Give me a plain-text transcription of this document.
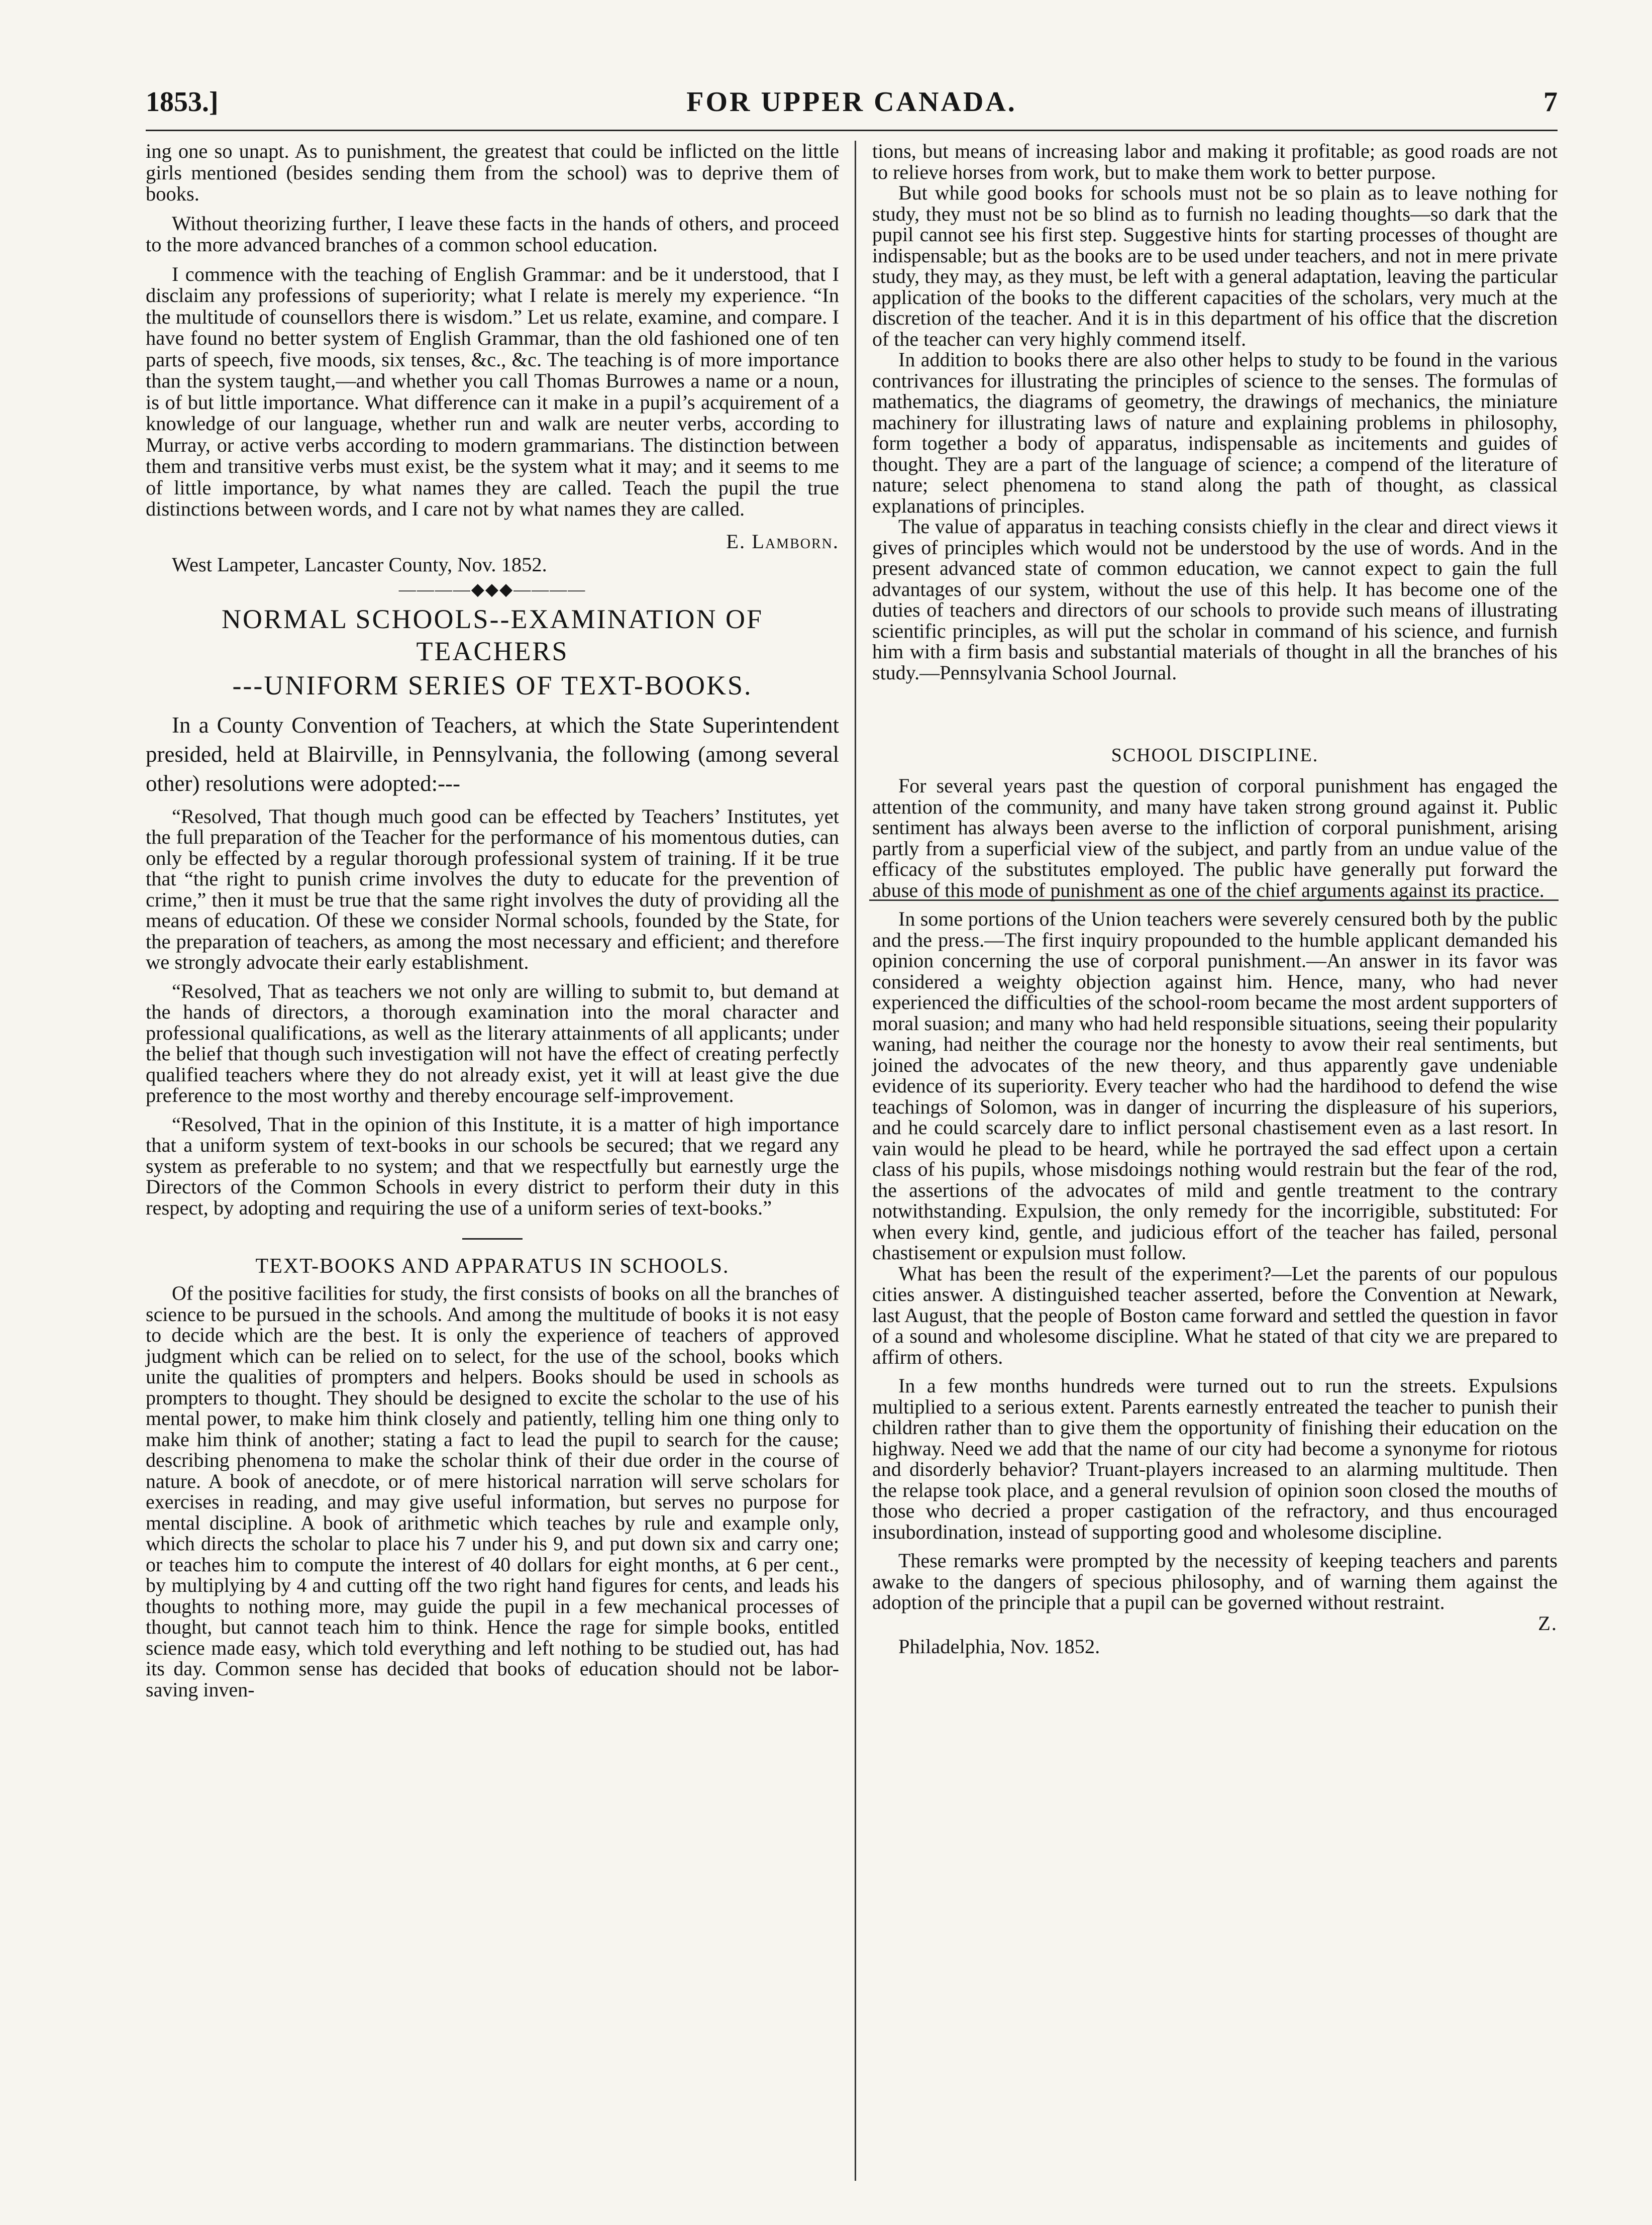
1853.]	FOR UPPER CANADA.	7

ing one so unapt. As to punishment, the greatest that could be inflicted on the little girls mentioned (besides sending them from the school) was to deprive them of books.

Without theorizing further, I leave these facts in the hands of others, and proceed to the more advanced branches of a common school education.

I commence with the teaching of English Grammar: and be it understood, that I disclaim any professions of superiority; what I relate is merely my experience. “In the multitude of counsellors there is wisdom.” Let us relate, examine, and compare. I have found no better system of English Grammar, than the old fashioned one of ten parts of speech, five moods, six tenses, &c., &c. The teaching is of more importance than the system taught,—and whether you call Thomas Burrowes a name or a noun, is of but little importance. What difference can it make in a pupil’s acquirement of a knowledge of our language, whether run and walk are neuter verbs, according to Murray, or active verbs according to modern grammarians. The distinction between them and transitive verbs must exist, be the system what it may; and it seems to me of little importance, by what names they are called. Teach the pupil the true distinctions between words, and I care not by what names they are called.

E. Lamborn.

West Lampeter, Lancaster County, Nov. 1852.

————◆◆◆————
NORMAL SCHOOLS--EXAMINATION OF TEACHERS
---UNIFORM SERIES OF TEXT-BOOKS.

In a County Convention of Teachers, at which the State Superintendent presided, held at Blairville, in Pennsylvania, the following (among several other) resolutions were adopted:---

“Resolved, That though much good can be effected by Teachers’ Institutes, yet the full preparation of the Teacher for the performance of his momentous duties, can only be effected by a regular thorough professional system of training. If it be true that “the right to punish crime involves the duty to educate for the prevention of crime,” then it must be true that the same right involves the duty of providing all the means of education. Of these we consider Normal schools, founded by the State, for the preparation of teachers, as among the most necessary and efficient; and therefore we strongly advocate their early establishment.

“Resolved, That as teachers we not only are willing to submit to, but demand at the hands of directors, a thorough examination into the moral character and professional qualifications, as well as the literary attainments of all applicants; under the belief that though such investigation will not have the effect of creating perfectly qualified teachers where they do not already exist, yet it will at least give the due preference to the most worthy and thereby encourage self-improvement.

“Resolved, That in the opinion of this Institute, it is a matter of high importance that a uniform system of text-books in our schools be secured; that we regard any system as preferable to no system; and that we respectfully but earnestly urge the Directors of the Common Schools in every district to perform their duty in this respect, by adopting and requiring the use of a uniform series of text-books.”

TEXT-BOOKS AND APPARATUS IN SCHOOLS.

Of the positive facilities for study, the first consists of books on all the branches of science to be pursued in the schools. And among the multitude of books it is not easy to decide which are the best. It is only the experience of teachers of approved judgment which can be relied on to select, for the use of the school, books which unite the qualities of prompters and helpers. Books should be used in schools as prompters to thought. They should be designed to excite the scholar to the use of his mental power, to make him think closely and patiently, telling him one thing only to make him think of another; stating a fact to lead the pupil to search for the cause; describing phenomena to make the scholar think of their due order in the course of nature. A book of anecdote, or of mere historical narration will serve scholars for exercises in reading, and may give useful information, but serves no purpose for mental discipline. A book of arithmetic which teaches by rule and example only, which directs the scholar to place his 7 under his 9, and put down six and carry one; or teaches him to compute the interest of 40 dollars for eight months, at 6 per cent., by multiplying by 4 and cutting off the two right hand figures for cents, and leads his thoughts to nothing more, may guide the pupil in a few mechanical processes of thought, but cannot teach him to think. Hence the rage for simple books, entitled science made easy, which told everything and left nothing to be studied out, has had its day. Common sense has decided that books of education should not be labor-saving inven-

tions, but means of increasing labor and making it profitable; as good roads are not to relieve horses from work, but to make them work to better purpose.

But while good books for schools must not be so plain as to leave nothing for study, they must not be so blind as to furnish no leading thoughts—so dark that the pupil cannot see his first step. Suggestive hints for starting processes of thought are indispensable; but as the books are to be used under teachers, and not in mere private study, they may, as they must, be left with a general adaptation, leaving the particular application of the books to the different capacities of the scholars, very much at the discretion of the teacher. And it is in this department of his office that the discretion of the teacher can very highly commend itself.

In addition to books there are also other helps to study to be found in the various contrivances for illustrating the principles of science to the senses. The formulas of mathematics, the diagrams of geometry, the drawings of mechanics, the miniature machinery for illustrating laws of nature and explaining problems in philosophy, form together a body of apparatus, indispensable as incitements and guides of thought. They are a part of the language of science; a compend of the literature of nature; select phenomena to stand along the path of thought, as classical explanations of principles.

The value of apparatus in teaching consists chiefly in the clear and direct views it gives of principles which would not be understood by the use of words. And in the present advanced state of common education, we cannot expect to gain the full advantages of our system, without the use of this help. It has become one of the duties of teachers and directors of our schools to provide such means of illustrating scientific principles, as will put the scholar in command of his science, and furnish him with a firm basis and substantial materials of thought in all the branches of his study.—Pennsylvania School Journal.

SCHOOL DISCIPLINE.

For several years past the question of corporal punishment has engaged the attention of the community, and many have taken strong ground against it. Public sentiment has always been averse to the infliction of corporal punishment, arising partly from a superficial view of the subject, and partly from an undue value of the efficacy of the substitutes employed. The public have generally put forward the abuse of this mode of punishment as one of the chief arguments against its practice.

In some portions of the Union teachers were severely censured both by the public and the press.—The first inquiry propounded to the humble applicant demanded his opinion concerning the use of corporal punishment.—An answer in its favor was considered a weighty objection against him. Hence, many, who had never experienced the difficulties of the school-room became the most ardent supporters of moral suasion; and many who had held responsible situations, seeing their popularity waning, had neither the courage nor the honesty to avow their real sentiments, but joined the advocates of the new theory, and thus apparently gave undeniable evidence of its superiority. Every teacher who had the hardihood to defend the wise teachings of Solomon, was in danger of incurring the displeasure of his superiors, and he could scarcely dare to inflict personal chastisement even as a last resort. In vain would he plead to be heard, while he portrayed the sad effect upon a certain class of his pupils, whose misdoings nothing would restrain but the fear of the rod, the assertions of the advocates of mild and gentle treatment to the contrary notwithstanding. Expulsion, the only remedy for the incorrigible, substituted: For when every kind, gentle, and judicious effort of the teacher has failed, personal chastisement or expulsion must follow.

What has been the result of the experiment?—Let the parents of our populous cities answer. A distinguished teacher asserted, before the Convention at Newark, last August, that the people of Boston came forward and settled the question in favor of a sound and wholesome discipline. What he stated of that city we are prepared to affirm of others.

In a few months hundreds were turned out to run the streets. Expulsions multiplied to a serious extent. Parents earnestly entreated the teacher to punish their children rather than to give them the opportunity of finishing their education on the highway. Need we add that the name of our city had become a synonyme for riotous and disorderly behavior? Truant-players increased to an alarming multitude. Then the relapse took place, and a general revulsion of opinion soon closed the mouths of those who decried a proper castigation of the refractory, and thus encouraged insubordination, instead of supporting good and wholesome discipline.

These remarks were prompted by the necessity of keeping teachers and parents awake to the dangers of specious philosophy, and of warning them against the adoption of the principle that a pupil can be governed without restraint.

Z.

Philadelphia, Nov. 1852.
